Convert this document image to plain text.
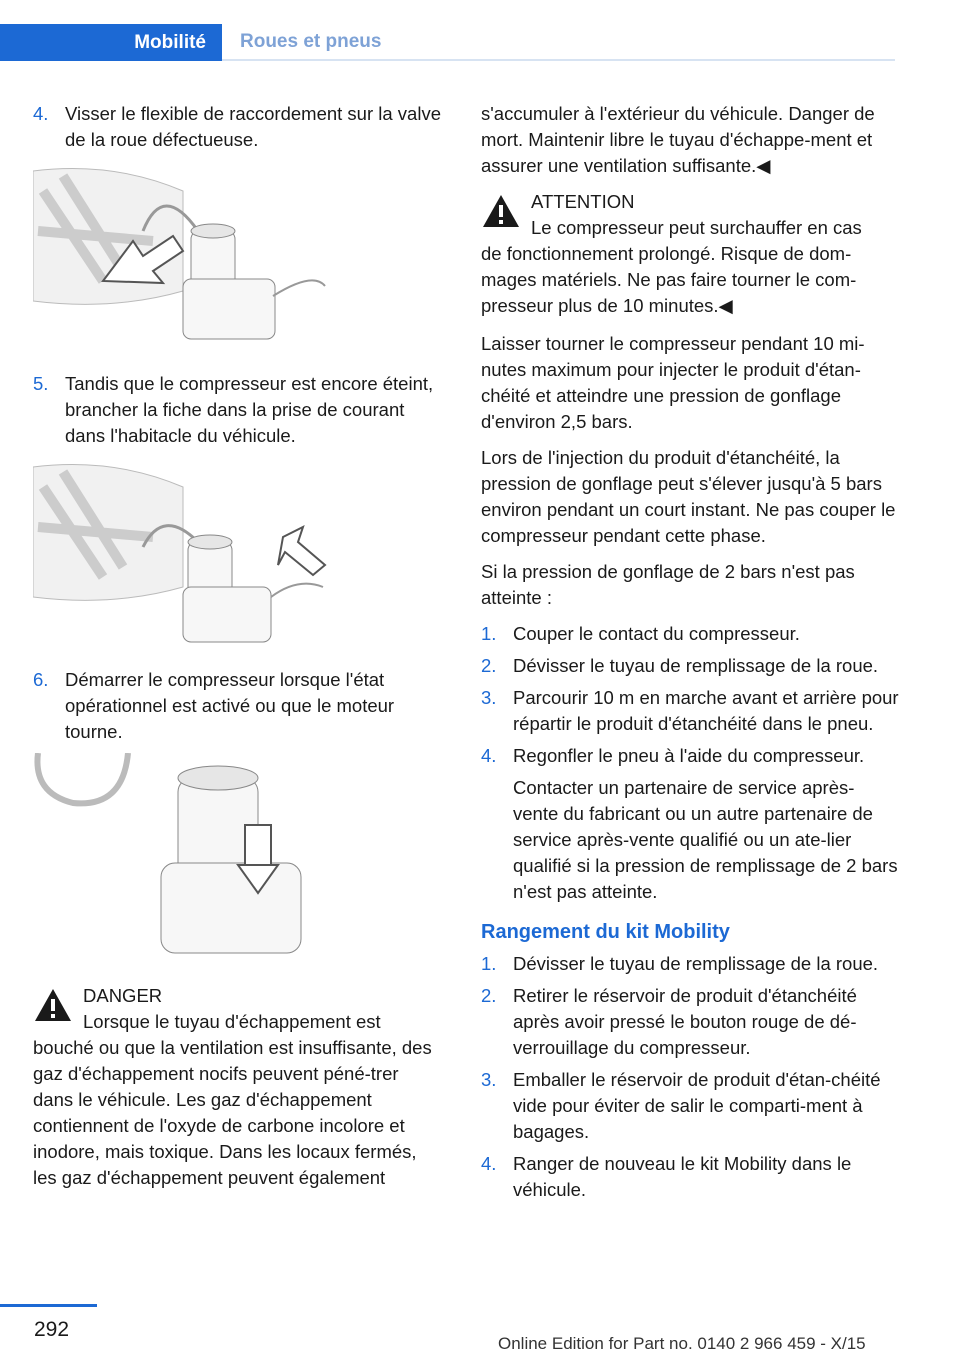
Mobilité	Roues et pneus
4. Visser le flexible de raccordement sur la valve de la roue défectueuse.
5. Tandis que le compresseur est encore éteint, brancher la fiche dans la prise de courant dans l'habitacle du véhicule.
6. Démarrer le compresseur lorsque l'état opérationnel est activé ou que le moteur tourne.
DANGER
Lorsque le tuyau d'échappement est
bouché ou que la ventilation est insuffisante, des gaz d'échappement nocifs peuvent péné‐trer dans le véhicule. Les gaz d'échappement contiennent de l'oxyde de carbone incolore et inodore, mais toxique. Dans les locaux fermés, les gaz d'échappement peuvent également
s'accumuler à l'extérieur du véhicule. Danger de mort. Maintenir libre le tuyau d'échappe‐ment et assurer une ventilation suffisante.◀
ATTENTION
Le compresseur peut surchauffer en cas
de fonctionnement prolongé. Risque de dom‐mages matériels. Ne pas faire tourner le com‐presseur plus de 10 minutes.◀
Laisser tourner le compresseur pendant 10 mi‐nutes maximum pour injecter le produit d'étan‐chéité et atteindre une pression de gonflage d'environ 2,5 bars.
Lors de l'injection du produit d'étanchéité, la pression de gonflage peut s'élever jusqu'à 5 bars environ pendant un court instant. Ne pas couper le compresseur pendant cette phase.
Si la pression de gonflage de 2 bars n'est pas atteinte :
1. Couper le contact du compresseur.
2. Dévisser le tuyau de remplissage de la roue.
3. Parcourir 10 m en marche avant et arrière pour répartir le produit d'étanchéité dans le pneu.
4. Regonfler le pneu à l'aide du compresseur.
Contacter un partenaire de service après‐vente du fabricant ou un autre partenaire de service après-vente qualifié ou un ate‐lier qualifié si la pression de remplissage de 2 bars n'est pas atteinte.
Rangement du kit Mobility
1. Dévisser le tuyau de remplissage de la roue.
2. Retirer le réservoir de produit d'étanchéité après avoir pressé le bouton rouge de dé‐verrouillage du compresseur.
3. Emballer le réservoir de produit d'étan‐chéité vide pour éviter de salir le comparti‐ment à bagages.
4. Ranger de nouveau le kit Mobility dans le véhicule.
292
Online Edition for Part no. 0140 2 966 459 - X/15
